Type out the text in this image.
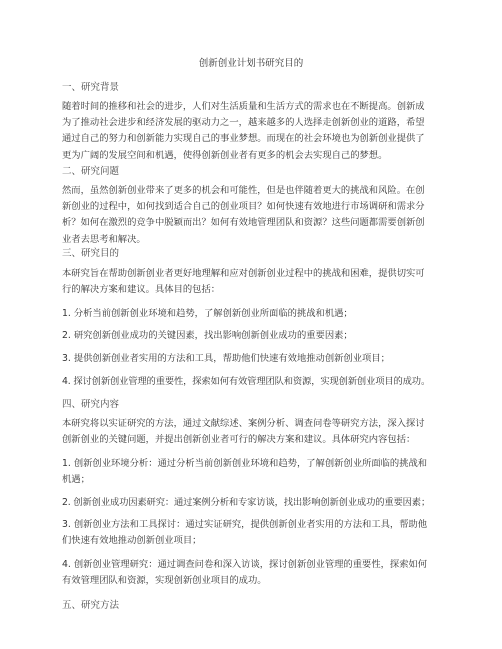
创新创业计划书研究目的
一、研究背景
随着时间的推移和社会的进步，人们对生活质量和生活方式的需求也在不断提高。创新成
为了推动社会进步和经济发展的驱动力之一，越来越多的人选择走创新创业的道路，希望
通过自己的努力和创新能力实现自己的事业梦想。而现在的社会环境也为创新创业提供了
更为广阔的发展空间和机遇，使得创新创业者有更多的机会去实现自己的梦想。
二、研究问题
然而，虽然创新创业带来了更多的机会和可能性，但是也伴随着更大的挑战和风险。在创
新创业的过程中，如何找到适合自己的创业项目？如何快速有效地进行市场调研和需求分
析？如何在激烈的竞争中脱颖而出？如何有效地管理团队和资源？这些问题都需要创新创
业者去思考和解决。
三、研究目的
本研究旨在帮助创新创业者更好地理解和应对创新创业过程中的挑战和困难，提供切实可
行的解决方案和建议。具体目的包括：
1. 分析当前创新创业环境和趋势，了解创新创业所面临的挑战和机遇；
2. 研究创新创业成功的关键因素，找出影响创新创业成功的重要因素；
3. 提供创新创业者实用的方法和工具，帮助他们快速有效地推动创新创业项目；
4. 探讨创新创业管理的重要性，探索如何有效管理团队和资源，实现创新创业项目的成功。
四、研究内容
本研究将以实证研究的方法，通过文献综述、案例分析、调查问卷等研究方法，深入探讨
创新创业的关键问题，并提出创新创业者可行的解决方案和建议。具体研究内容包括：
1. 创新创业环境分析：通过分析当前创新创业环境和趋势，了解创新创业所面临的挑战和
机遇；
2. 创新创业成功因素研究：通过案例分析和专家访谈，找出影响创新创业成功的重要因素；
3. 创新创业方法和工具探讨：通过实证研究，提供创新创业者实用的方法和工具，帮助他
们快速有效地推动创新创业项目；
4. 创新创业管理研究：通过调查问卷和深入访谈，探讨创新创业管理的重要性，探索如何
有效管理团队和资源，实现创新创业项目的成功。
五、研究方法
